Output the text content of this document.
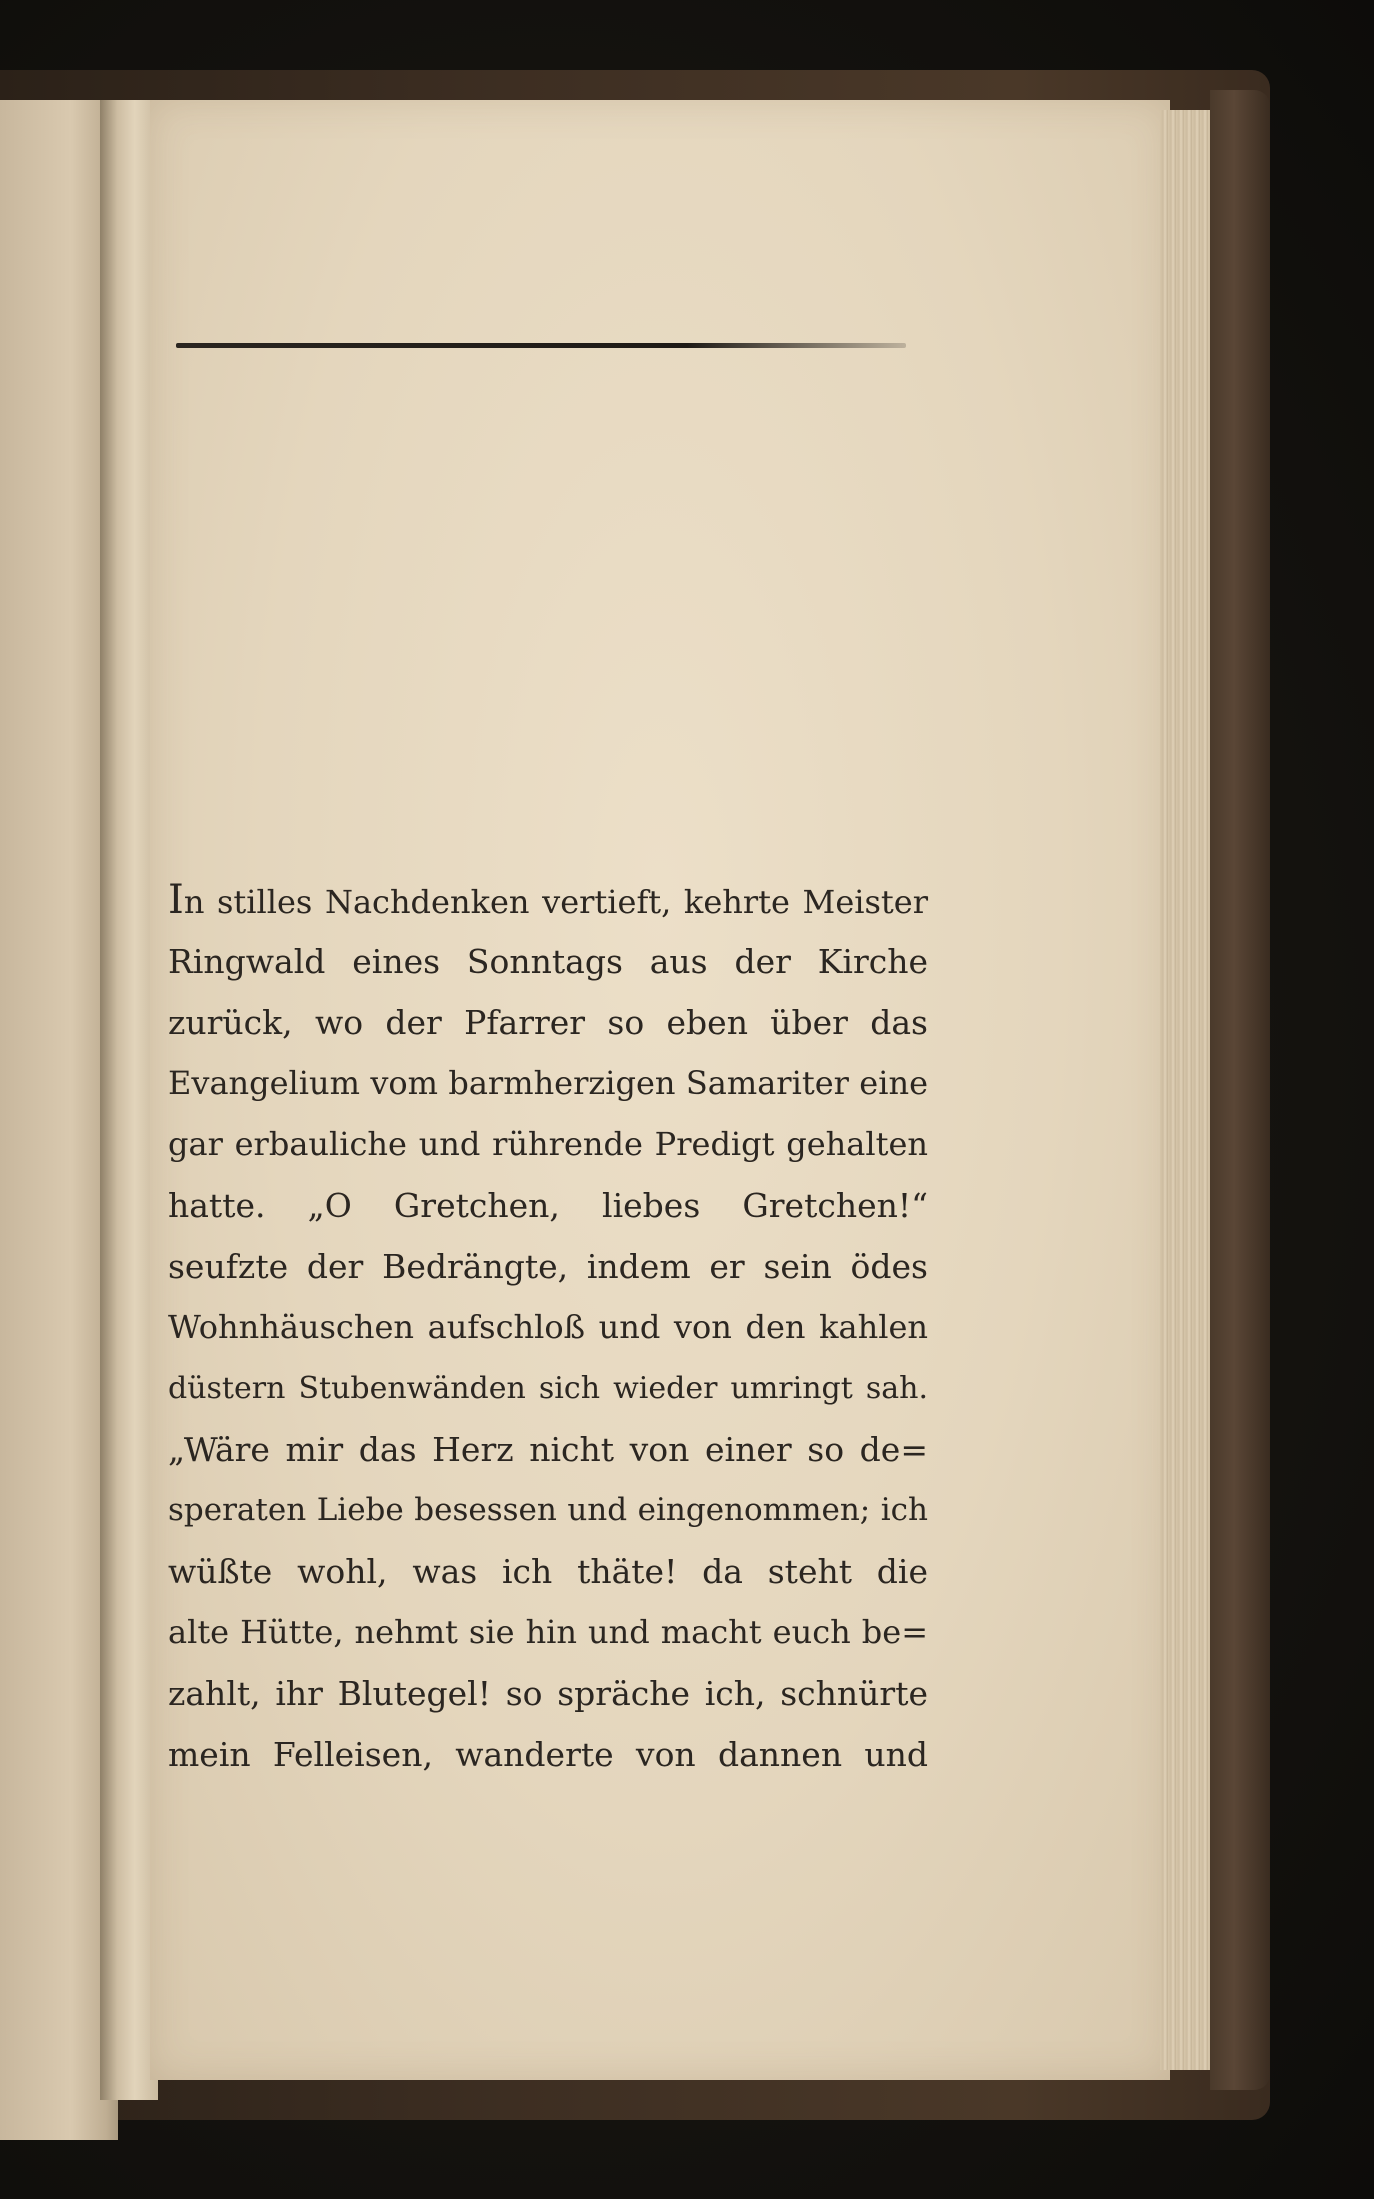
In stilles Nachdenken vertieft, kehrte Meister
Ringwald eines Sonntags aus der Kirche
zurück, wo der Pfarrer so eben über das
Evangelium vom barmherzigen Samariter eine
gar erbauliche und rührende Predigt gehalten
hatte. „O Gretchen, liebes Gretchen!“
seufzte der Bedrängte, indem er sein ödes
Wohnhäuschen aufschloß und von den kahlen
düstern Stubenwänden sich wieder umringt sah.
„Wäre mir das Herz nicht von einer so de=
speraten Liebe besessen und eingenommen; ich
wüßte wohl, was ich thäte! da steht die
alte Hütte, nehmt sie hin und macht euch be=
zahlt, ihr Blutegel! so spräche ich, schnürte
mein Felleisen, wanderte von dannen und
